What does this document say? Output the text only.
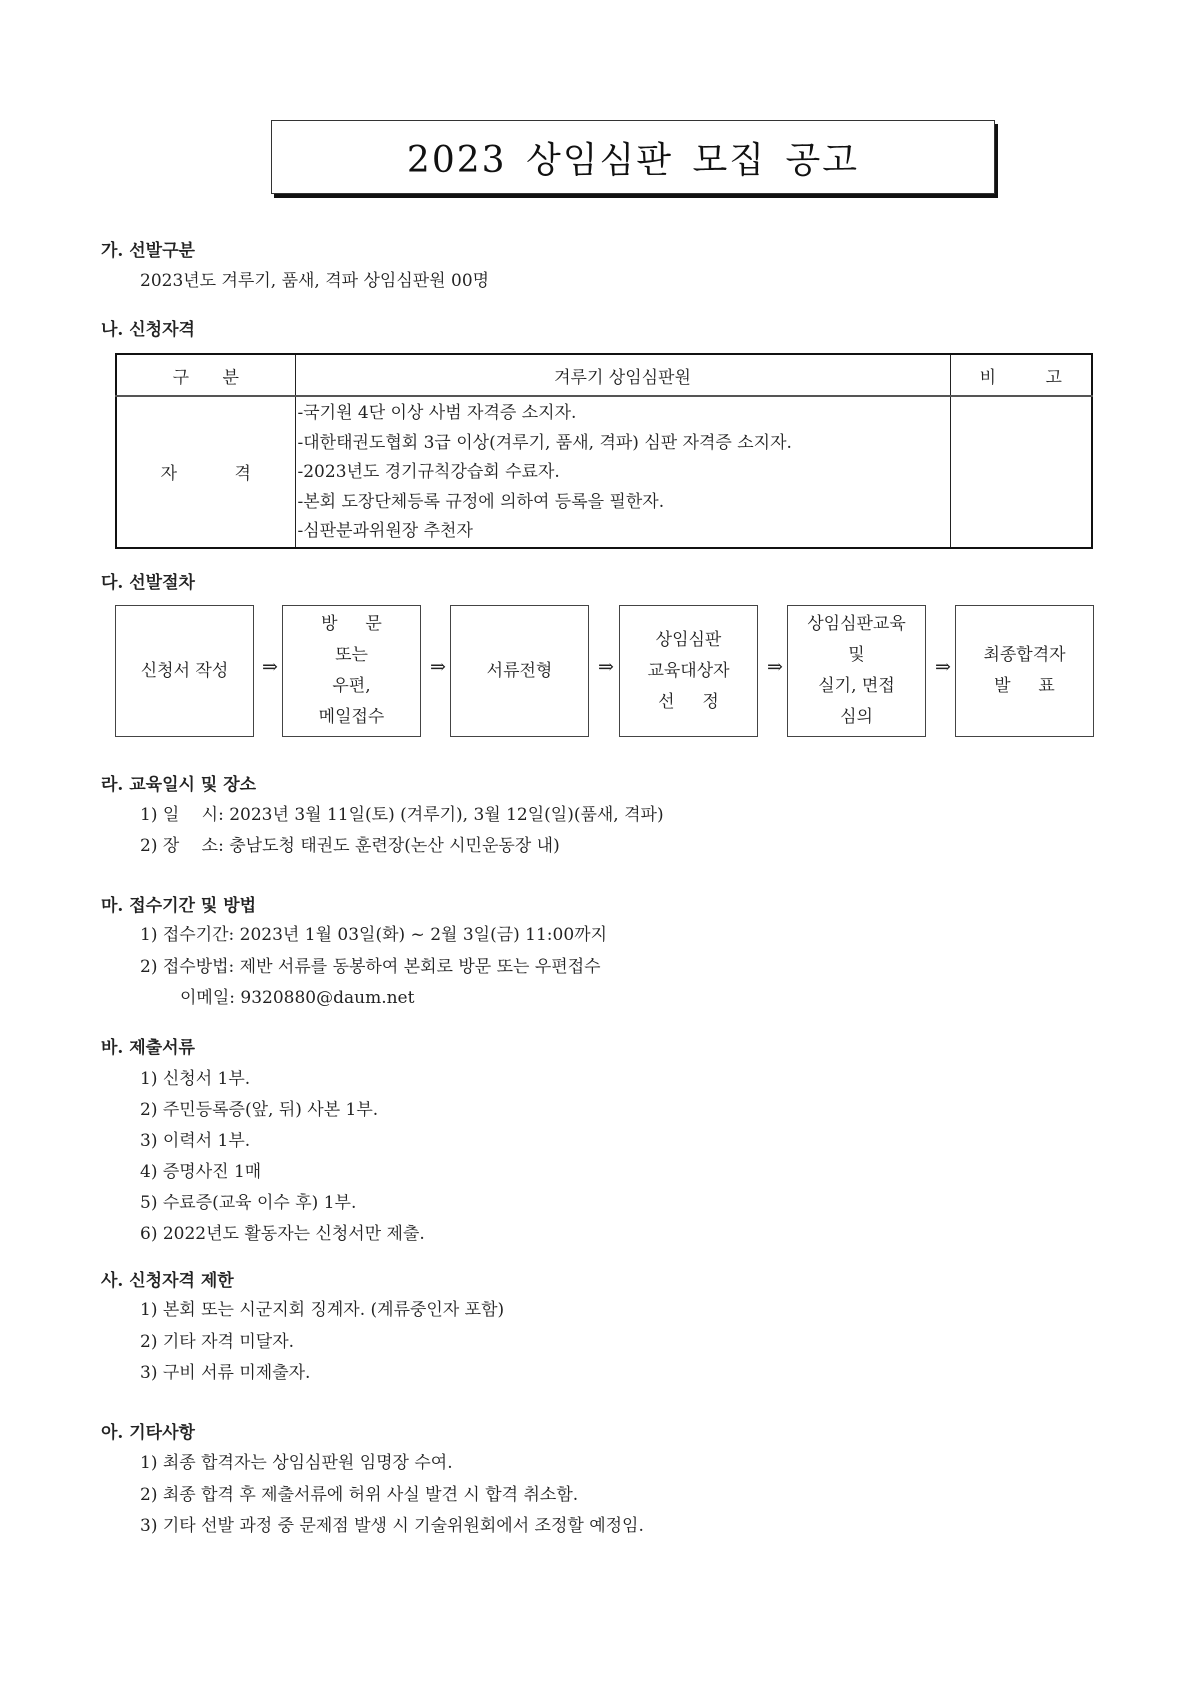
2023 상임심판 모집 공고
가. 선발구분
2023년도 겨루기, 품새, 격파 상임심판원 00명
나. 신청자격
구 분	겨루기 상임심판원	비 고
자 격	-국기원 4단 이상 사범 자격증 소지자.
-대한태권도협회 3급 이상(겨루기, 품새, 격파) 심판 자격증 소지자.
-2023년도 경기규칙강습회 수료자.
-본회 도장단체등록 규정에 의하여 등록을 필한자.
-심판분과위원장 추천자	

다. 선발절차
신청서 작성 ⇒
방 　 문
또는
우편,
메일접수
⇒ 서류전형 ⇒
상임심판
교육대상자
선 　 정
⇒
상임심판교육
및
실기, 면접
심의
⇒
최종합격자
발 　 표
라. 교육일시 및 장소
1) 일　 시: 2023년 3월 11일(토) (겨루기), 3월 12일(일)(품새, 격파)
2) 장　 소: 충남도청 태권도 훈련장(논산 시민운동장 내)
마. 접수기간 및 방법
1) 접수기간: 2023년 1월 03일(화) ~ 2월 3일(금) 11:00까지
2) 접수방법: 제반 서류를 동봉하여 본회로 방문 또는 우편접수
이메일: 9320880@daum.net
바. 제출서류
1) 신청서 1부.
2) 주민등록증(앞, 뒤) 사본 1부.
3) 이력서 1부.
4) 증명사진 1매
5) 수료증(교육 이수 후) 1부.
6) 2022년도 활동자는 신청서만 제출.
사. 신청자격 제한
1) 본회 또는 시군지회 징계자. (계류중인자 포함)
2) 기타 자격 미달자.
3) 구비 서류 미제출자.
아. 기타사항
1) 최종 합격자는 상임심판원 임명장 수여.
2) 최종 합격 후 제출서류에 허위 사실 발견 시 합격 취소함.
3) 기타 선발 과정 중 문제점 발생 시 기술위원회에서 조정할 예정임.
